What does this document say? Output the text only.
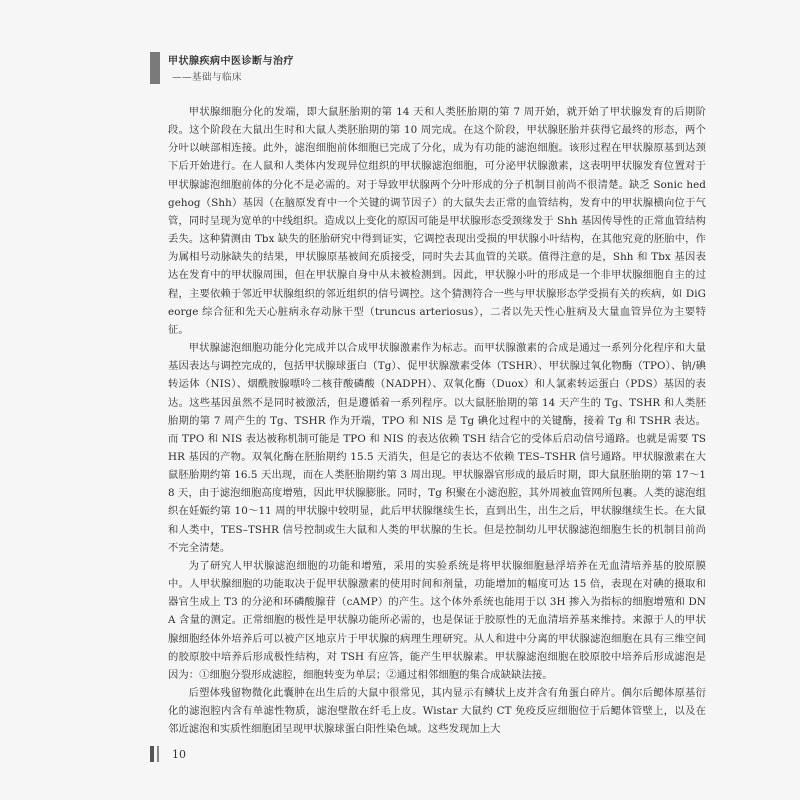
甲状腺疾病中医诊断与治疗
——基础与临床

甲状腺细胞分化的发端，即大鼠胚胎期的第 14 天和人类胚胎期的第 7 周开始，就开始了甲状腺发育的后期阶段。这个阶段在大鼠出生时和大鼠人类胚胎期的第 10 周完成。在这个阶段，甲状腺胚胎并获得它最终的形态，两个分叶以峡部相连接。此外，滤泡细胞前体细胞已完成了分化，成为有功能的滤泡细胞。该形过程在甲状腺原基到达颈下后开始进行。在人鼠和人类体内发现异位组织的甲状腺滤泡细胞，可分泌甲状腺激素，这表明甲状腺发育位置对于甲状腺滤泡细胞前体的分化不是必需的。对于导致甲状腺两个分叶形成的分子机制目前尚不很清楚。缺乏 Sonic hedgehog（Shh）基因（在脑原发育中一个关键的调节因子）的大鼠失去正常的血管结构，发育中的甲状腺横向位于气管，同时呈现为宽单的中线组织。造成以上变化的原因可能是甲状腺形态受颈缘发于 Shh 基因传导性的正常血管结构丢失。这种猜测由 Tbx 缺失的胚胎研究中得到证实，它调控表现出受损的甲状腺小叶结构，在其他究竟的胚胎中，作为属相号动脉缺失的结果，甲状腺原基被间充质接受，同时失去其血管的关联。值得注意的是，Shh 和 Tbx 基因表达在发育中的甲状腺周围，但在甲状腺自身中从未被检测到。因此，甲状腺小叶的形成是一个非甲状腺细胞自主的过程，主要依赖于邻近甲状腺组织的邻近组织的信号调控。这个猜测符合一些与甲状腺形态学受损有关的疾病，如 DiGeorge 综合征和先天心脏病永存动脉干型（truncus arteriosus），二者以先天性心脏病及大量血管异位为主要特征。

甲状腺滤泡细胞功能分化完成并以合成甲状腺激素作为标志。而甲状腺激素的合成是通过一系列分化程序和大量基因表达与调控完成的，包括甲状腺球蛋白（Tg）、促甲状腺激素受体（TSHR）、甲状腺过氧化物酶（TPO）、钠/碘转运体（NIS）、烟酰胺腺嘌呤二核苷酸磷酸（NADPH）、双氧化酶（Duox）和人氯素转运蛋白（PDS）基因的表达。这些基因虽然不是同时被激活，但是遵循着一系列程序。以大鼠胚胎期的第 14 天产生的 Tg、TSHR 和人类胚胎期的第 7 周产生的 Tg、TSHR 作为开端，TPO 和 NIS 是 Tg 碘化过程中的关键酶，接着 Tg 和 TSHR 表达。而 TPO 和 NIS 表达被称机制可能是 TPO 和 NIS 的表达依赖 TSH 结合它的受体后启动信号通路。也就是需要 TSHR 基因的产物。双氧化酶在胚胎期约 15.5 天消失，但是它的表达不依赖 TES–TSHR 信号通路。甲状腺激素在大鼠胚胎期约第 16.5 天出现，而在人类胚胎期约第 3 周出现。甲状腺器官形成的最后时期，即大鼠胚胎期的第 17～18 天，由于滤泡细胞高度增殖，因此甲状腺膨胀。同时，Tg 积聚在小滤泡腔，其外周被血管网所包裹。人类的滤泡组织在妊娠约第 10～11 周的甲状腺中较明显，此后甲状腺继续生长，直到出生，出生之后，甲状腺继续生长。在大鼠和人类中，TES–TSHR 信号控制或生大鼠和人类的甲状腺的生长。但是控制幼儿甲状腺滤泡细胞生长的机制目前尚不完全清楚。

为了研究人甲状腺滤泡细胞的功能和增殖，采用的实验系统是将甲状腺细胞悬浮培养在无血清培养基的胶原膜中。人甲状腺细胞的功能取决于促甲状腺激素的使用时间和剂量，功能增加的幅度可达 15 倍，表现在对碘的摄取和器官生成上 T3 的分泌和环磷酸腺苷（cAMP）的产生。这个体外系统也能用于以 3H 掺入为指标的细胞增殖和 DNA 含量的测定。正常细胞的极性是甲状腺功能所必需的，也是保证于胶原性的无血清培养基来维持。来源于人的甲状腺细胞经体外培养后可以被产区地京片于甲状腺的病理生理研究。从人和进中分离的甲状腺滤泡细胞在具有三维空间的胶原胶中培养后形成极性结构，对 TSH 有应答，能产生甲状腺素。甲状腺滤泡细胞在胶原胶中培养后形成滤泡是因为：①细胞分裂形成滤腔，细胞转变为单层；②通过相邻细胞的集合成缺缺法接。

后塑体残留物微化此囊肿在出生后的大鼠中很常见，其内显示有鳞状上皮并含有角蛋白碎片。偶尔后鳃体原基衍化的滤泡腔内含有单滤性物质，滤泡壁散在纤毛上皮。Wistar 大鼠约 CT 免疫反应细胞位于后鳃体管壁上，以及在邻近滤泡和实质性细胞团呈现甲状腺球蛋白阳性染色域。这些发现加上大

10
